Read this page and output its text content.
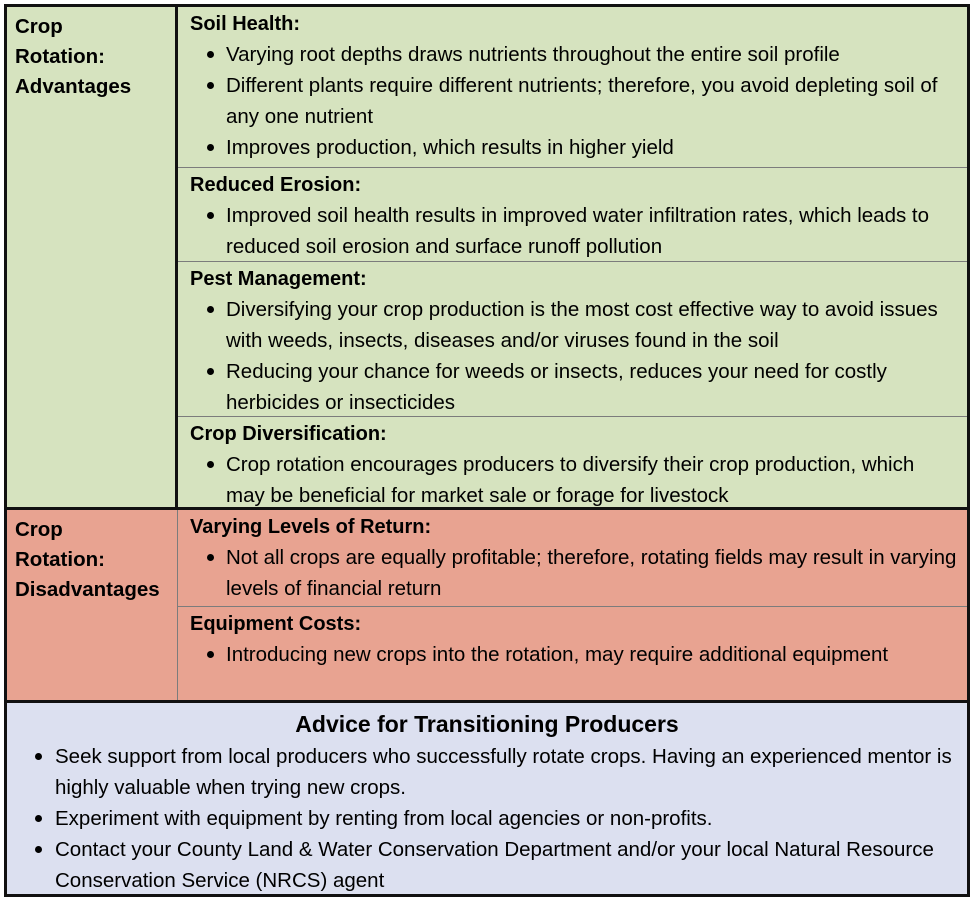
Crop
Rotation:
Advantages
Soil Health:
Varying root depths draws nutrients throughout the entire soil profile
Different plants require different nutrients; therefore, you avoid depleting soil of any one nutrient
Improves production, which results in higher yield
Reduced Erosion:
Improved soil health results in improved water infiltration rates, which leads to reduced soil erosion and surface runoff pollution
Pest Management:
Diversifying your crop production is the most cost effective way to avoid issues with weeds, insects, diseases and/or viruses found in the soil
Reducing your chance for weeds or insects, reduces your need for costly herbicides or insecticides
Crop Diversification:
Crop rotation encourages producers to diversify their crop production, which may be beneficial for market sale or forage for livestock
Crop
Rotation:
Disadvantages
Varying Levels of Return:
Not all crops are equally profitable; therefore, rotating fields may result in varying levels of financial return
Equipment Costs:
Introducing new crops into the rotation, may require additional equipment
Advice for Transitioning Producers
Seek support from local producers who successfully rotate crops. Having an experienced mentor is highly valuable when trying new crops.
Experiment with equipment by renting from local agencies or non-profits.
Contact your County Land & Water Conservation Department and/or your local Natural Resource Conservation Service (NRCS) agent
